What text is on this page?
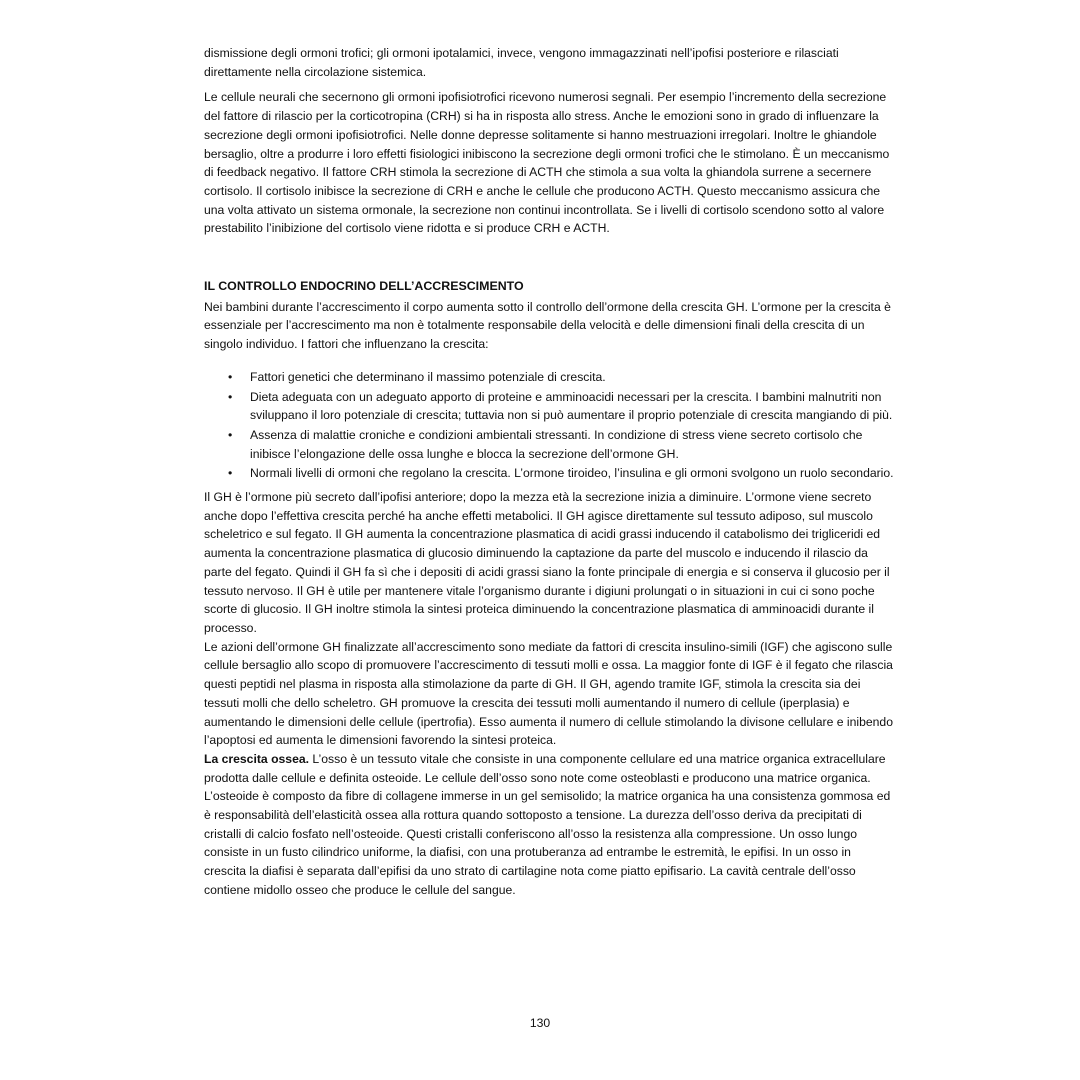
dismissione degli ormoni trofici; gli ormoni ipotalamici, invece, vengono immagazzinati nell’ipofisi posteriore e rilasciati direttamente nella circolazione sistemica.

Le cellule neurali che secernono gli ormoni ipofisiotrofici ricevono numerosi segnali. Per esempio l’incremento della secrezione del fattore di rilascio per la corticotropina (CRH) si ha in risposta allo stress. Anche le emozioni sono in grado di influenzare la secrezione degli ormoni ipofisiotrofici. Nelle donne depresse solitamente si hanno mestruazioni irregolari. Inoltre le ghiandole bersaglio, oltre a produrre i loro effetti fisiologici inibiscono la secrezione degli ormoni trofici che le stimolano. È un meccanismo di feedback negativo. Il fattore CRH stimola la secrezione di ACTH che stimola a sua volta la ghiandola surrene a secernere cortisolo. Il cortisolo inibisce la secrezione di CRH e anche le cellule che producono ACTH. Questo meccanismo assicura che una volta attivato un sistema ormonale, la secrezione non continui incontrollata. Se i livelli di cortisolo scendono sotto al valore prestabilito l’inibizione del cortisolo viene ridotta e si produce CRH e ACTH.

IL CONTROLLO ENDOCRINO DELL’ACCRESCIMENTO

Nei bambini durante l’accrescimento il corpo aumenta sotto il controllo dell’ormone della crescita GH. L’ormone per la crescita è essenziale per l’accrescimento ma non è totalmente responsabile della velocità e delle dimensioni finali della crescita di un singolo individuo. I fattori che influenzano la crescita:

• Fattori genetici che determinano il massimo potenziale di crescita.
• Dieta adeguata con un adeguato apporto di proteine e amminoacidi necessari per la crescita. I bambini malnutriti non sviluppano il loro potenziale di crescita; tuttavia non si può aumentare il proprio potenziale di crescita mangiando di più.
• Assenza di malattie croniche e condizioni ambientali stressanti. In condizione di stress viene secreto cortisolo che inibisce l’elongazione delle ossa lunghe e blocca la secrezione dell’ormone GH.
• Normali livelli di ormoni che regolano la crescita. L’ormone tiroideo, l’insulina e gli ormoni svolgono un ruolo secondario.

Il GH è l’ormone più secreto dall’ipofisi anteriore; dopo la mezza età la secrezione inizia a diminuire. L’ormone viene secreto anche dopo l’effettiva crescita perché ha anche effetti metabolici. Il GH agisce direttamente sul tessuto adiposo, sul muscolo scheletrico e sul fegato. Il GH aumenta la concentrazione plasmatica di acidi grassi inducendo il catabolismo dei trigliceridi ed aumenta la concentrazione plasmatica di glucosio diminuendo la captazione da parte del muscolo e inducendo il rilascio da parte del fegato. Quindi il GH fa sì che i depositi di acidi grassi siano la fonte principale di energia e si conserva il glucosio per il tessuto nervoso. Il GH è utile per mantenere vitale l’organismo durante i digiuni prolungati o in situazioni in cui ci sono poche scorte di glucosio. Il GH inoltre stimola la sintesi proteica diminuendo la concentrazione plasmatica di amminoacidi durante il processo.

Le azioni dell’ormone GH finalizzate all’accrescimento sono mediate da fattori di crescita insulino-simili (IGF) che agiscono sulle cellule bersaglio allo scopo di promuovere l’accrescimento di tessuti molli e ossa. La maggior fonte di IGF è il fegato che rilascia questi peptidi nel plasma in risposta alla stimolazione da parte di GH. Il GH, agendo tramite IGF, stimola la crescita sia dei tessuti molli che dello scheletro. GH promuove la crescita dei tessuti molli aumentando il numero di cellule (iperplasia) e aumentando le dimensioni delle cellule (ipertrofia). Esso aumenta il numero di cellule stimolando la divisone cellulare e inibendo l’apoptosi ed aumenta le dimensioni favorendo la sintesi proteica.

La crescita ossea. L’osso è un tessuto vitale che consiste in una componente cellulare ed una matrice organica extracellulare prodotta dalle cellule e definita osteoide. Le cellule dell’osso sono note come osteoblasti e producono una matrice organica. L’osteoide è composto da fibre di collagene immerse in un gel semisolido; la matrice organica ha una consistenza gommosa ed è responsabilità dell’elasticità ossea alla rottura quando sottoposto a tensione. La durezza dell’osso deriva da precipitati di cristalli di calcio fosfato nell’osteoide. Questi cristalli conferiscono all’osso la resistenza alla compressione. Un osso lungo consiste in un fusto cilindrico uniforme, la diafisi, con una protuberanza ad entrambe le estremità, le epifisi. In un osso in crescita la diafisi è separata dall’epifisi da uno strato di cartilagine nota come piatto epifisario. La cavità centrale dell’osso contiene midollo osseo che produce le cellule del sangue.

130
